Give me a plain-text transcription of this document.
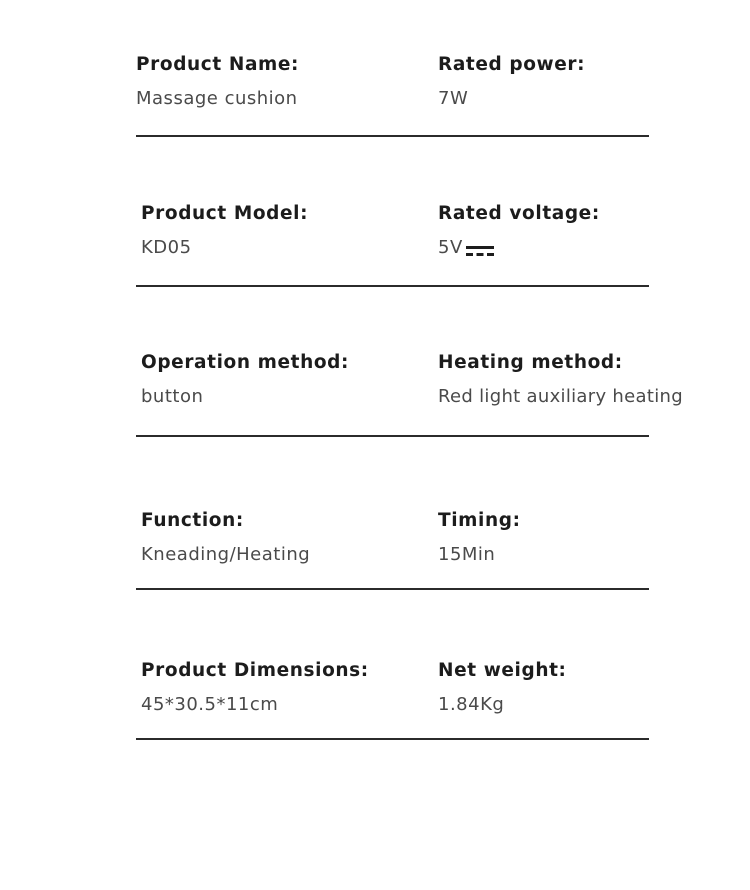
Product Name:
Massage cushion
Rated power:
7W
Product Model:
KD05
Rated voltage:
5V
Operation method:
button
Heating method:
Red light auxiliary heating
Function:
Kneading/Heating
Timing:
15Min
Product Dimensions:
45*30.5*11cm
Net weight:
1.84Kg
